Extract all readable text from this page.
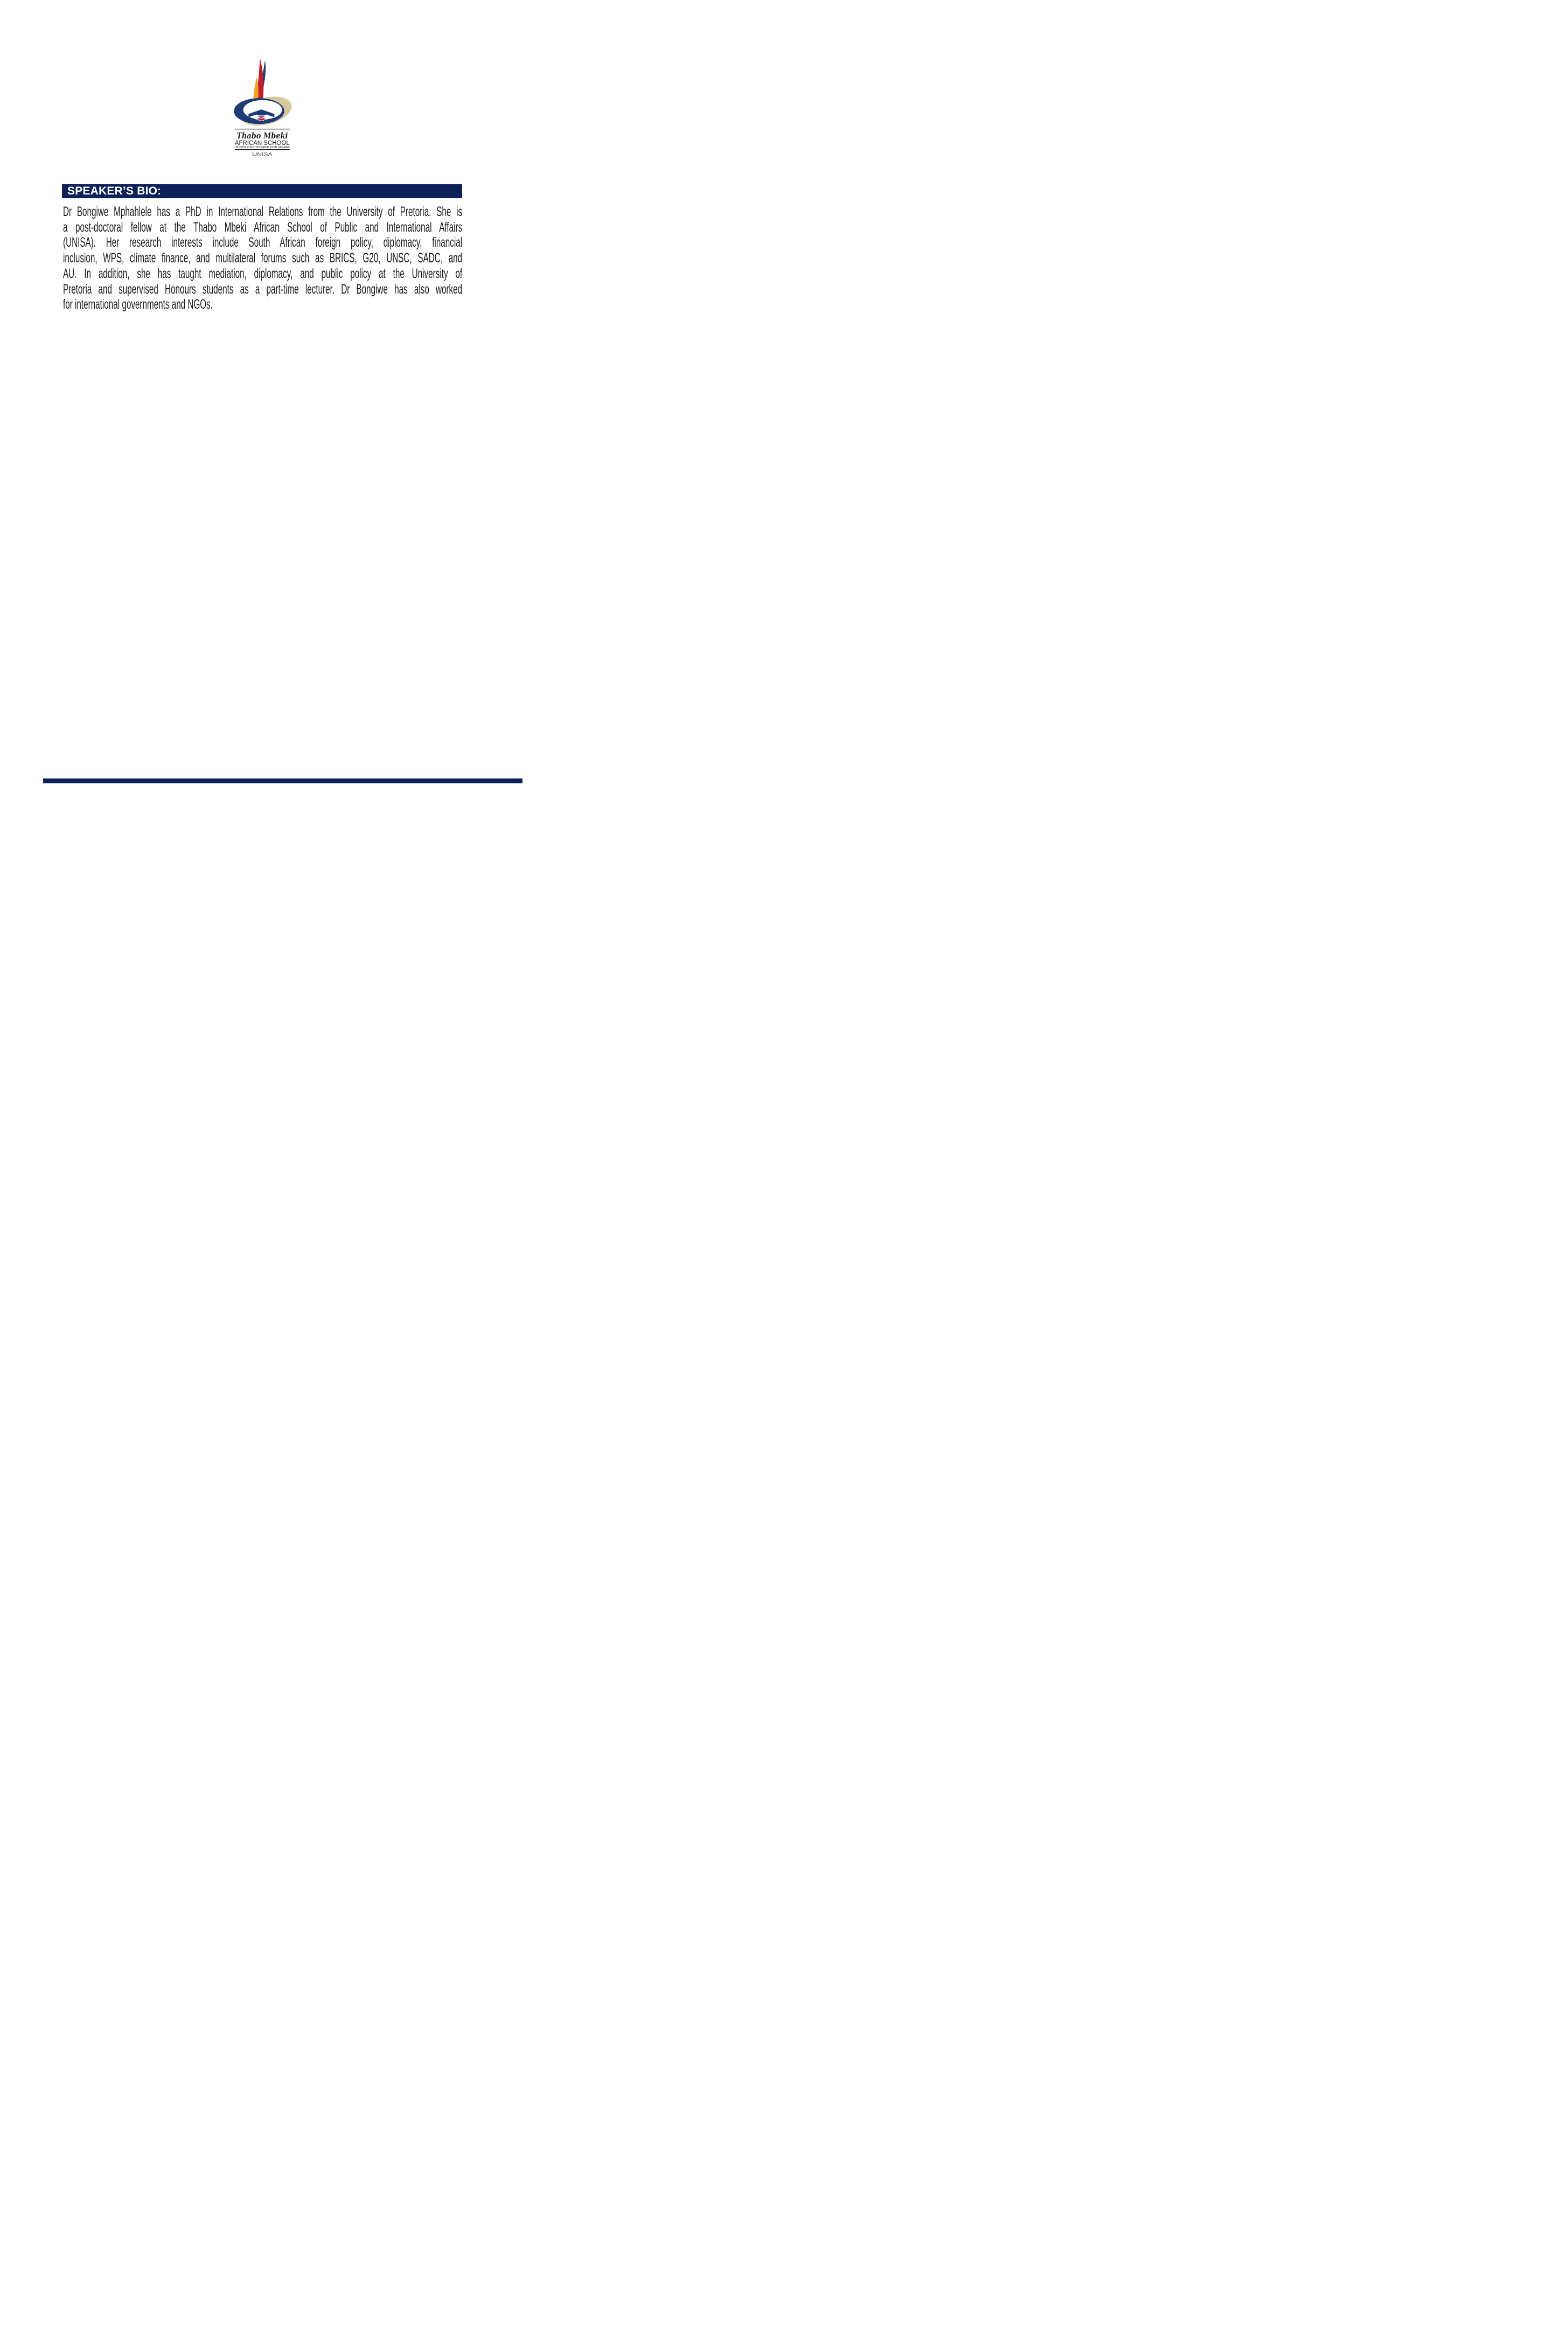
Thabo Mbeki
AFRICAN SCHOOL
OF PUBLIC AND INTERNATIONAL AFFAIRS
UNISA
SPEAKER’S BIO:
Dr Bongiwe Mphahlele has a PhD in International Relations from the University of Pretoria. She is
a post-doctoral fellow at the Thabo Mbeki African School of Public and International Affairs
(UNISA). Her research interests include South African foreign policy, diplomacy, financial
inclusion, WPS, climate finance, and multilateral forums such as BRICS, G20, UNSC, SADC, and
AU. In addition, she has taught mediation, diplomacy, and public policy at the University of
Pretoria and supervised Honours students as a part-time lecturer. Dr Bongiwe has also worked
for international governments and NGOs.
